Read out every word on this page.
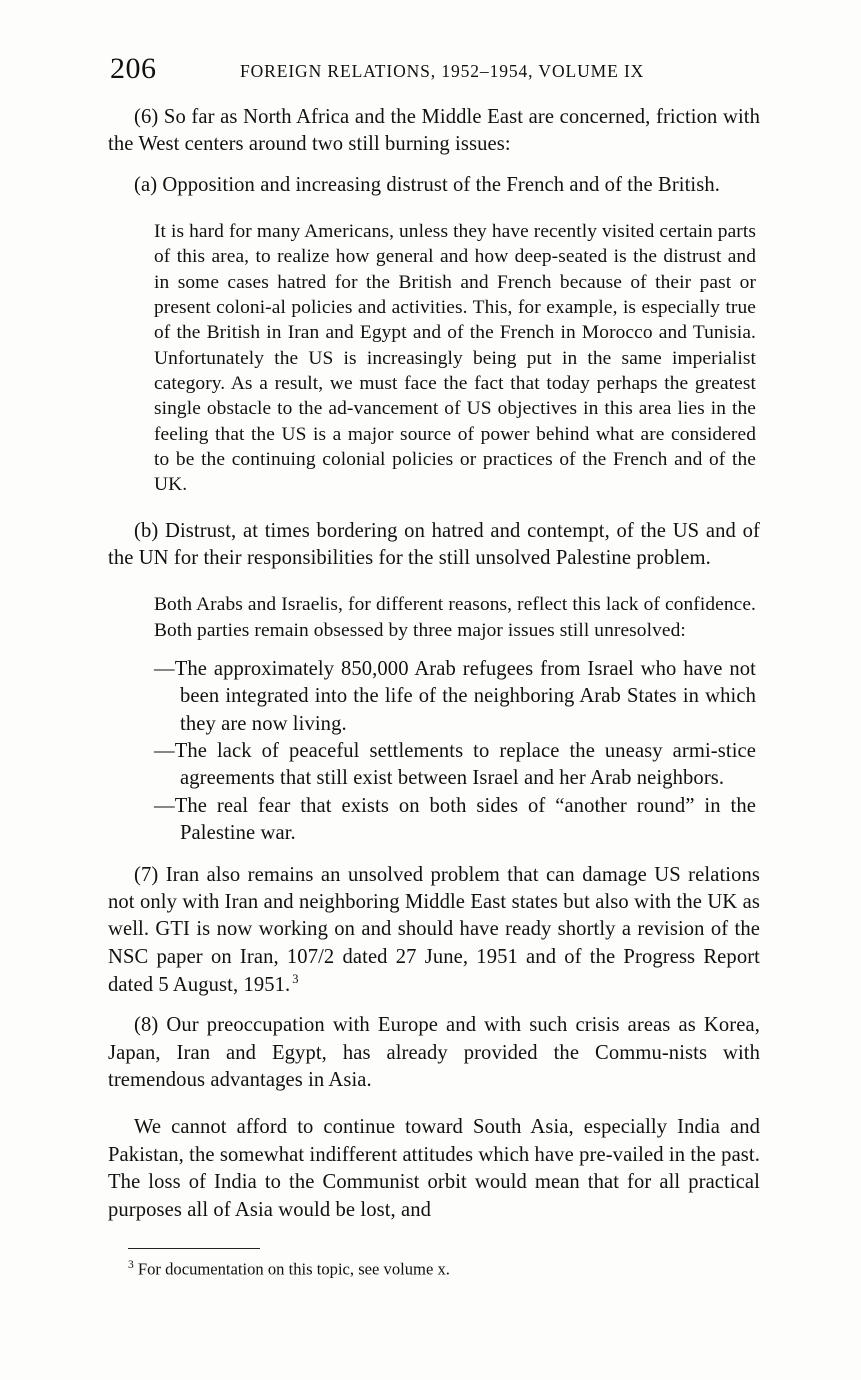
206	FOREIGN RELATIONS, 1952–1954, VOLUME IX

(6) So far as North Africa and the Middle East are concerned, friction with the West centers around two still burning issues:

(a) Opposition and increasing distrust of the French and of the British.

It is hard for many Americans, unless they have recently visited certain parts of this area, to realize how general and how deep-seated is the distrust and in some cases hatred for the British and French because of their past or present coloni-al policies and activities. This, for example, is especially true of the British in Iran and Egypt and of the French in Morocco and Tunisia. Unfortunately the US is increasingly being put in the same imperialist category. As a result, we must face the fact that today perhaps the greatest single obstacle to the ad-vancement of US objectives in this area lies in the feeling that the US is a major source of power behind what are considered to be the continuing colonial policies or practices of the French and of the UK.

(b) Distrust, at times bordering on hatred and contempt, of the US and of the UN for their responsibilities for the still unsolved Palestine problem.

Both Arabs and Israelis, for different reasons, reflect this lack of confidence. Both parties remain obsessed by three major issues still unresolved:

—The approximately 850,000 Arab refugees from Israel who have not been integrated into the life of the neighboring Arab States in which they are now living.

—The lack of peaceful settlements to replace the uneasy armi-stice agreements that still exist between Israel and her Arab neighbors.

—The real fear that exists on both sides of “another round” in the Palestine war.

(7) Iran also remains an unsolved problem that can damage US relations not only with Iran and neighboring Middle East states but also with the UK as well. GTI is now working on and should have ready shortly a revision of the NSC paper on Iran, 107/2 dated 27 June, 1951 and of the Progress Report dated 5 August, 1951. $^3$

(8) Our preoccupation with Europe and with such crisis areas as Korea, Japan, Iran and Egypt, has already provided the Commu-nists with tremendous advantages in Asia.

We cannot afford to continue toward South Asia, especially India and Pakistan, the somewhat indifferent attitudes which have pre-vailed in the past. The loss of India to the Communist orbit would mean that for all practical purposes all of Asia would be lost, and

$^3$ For documentation on this topic, see volume x.
